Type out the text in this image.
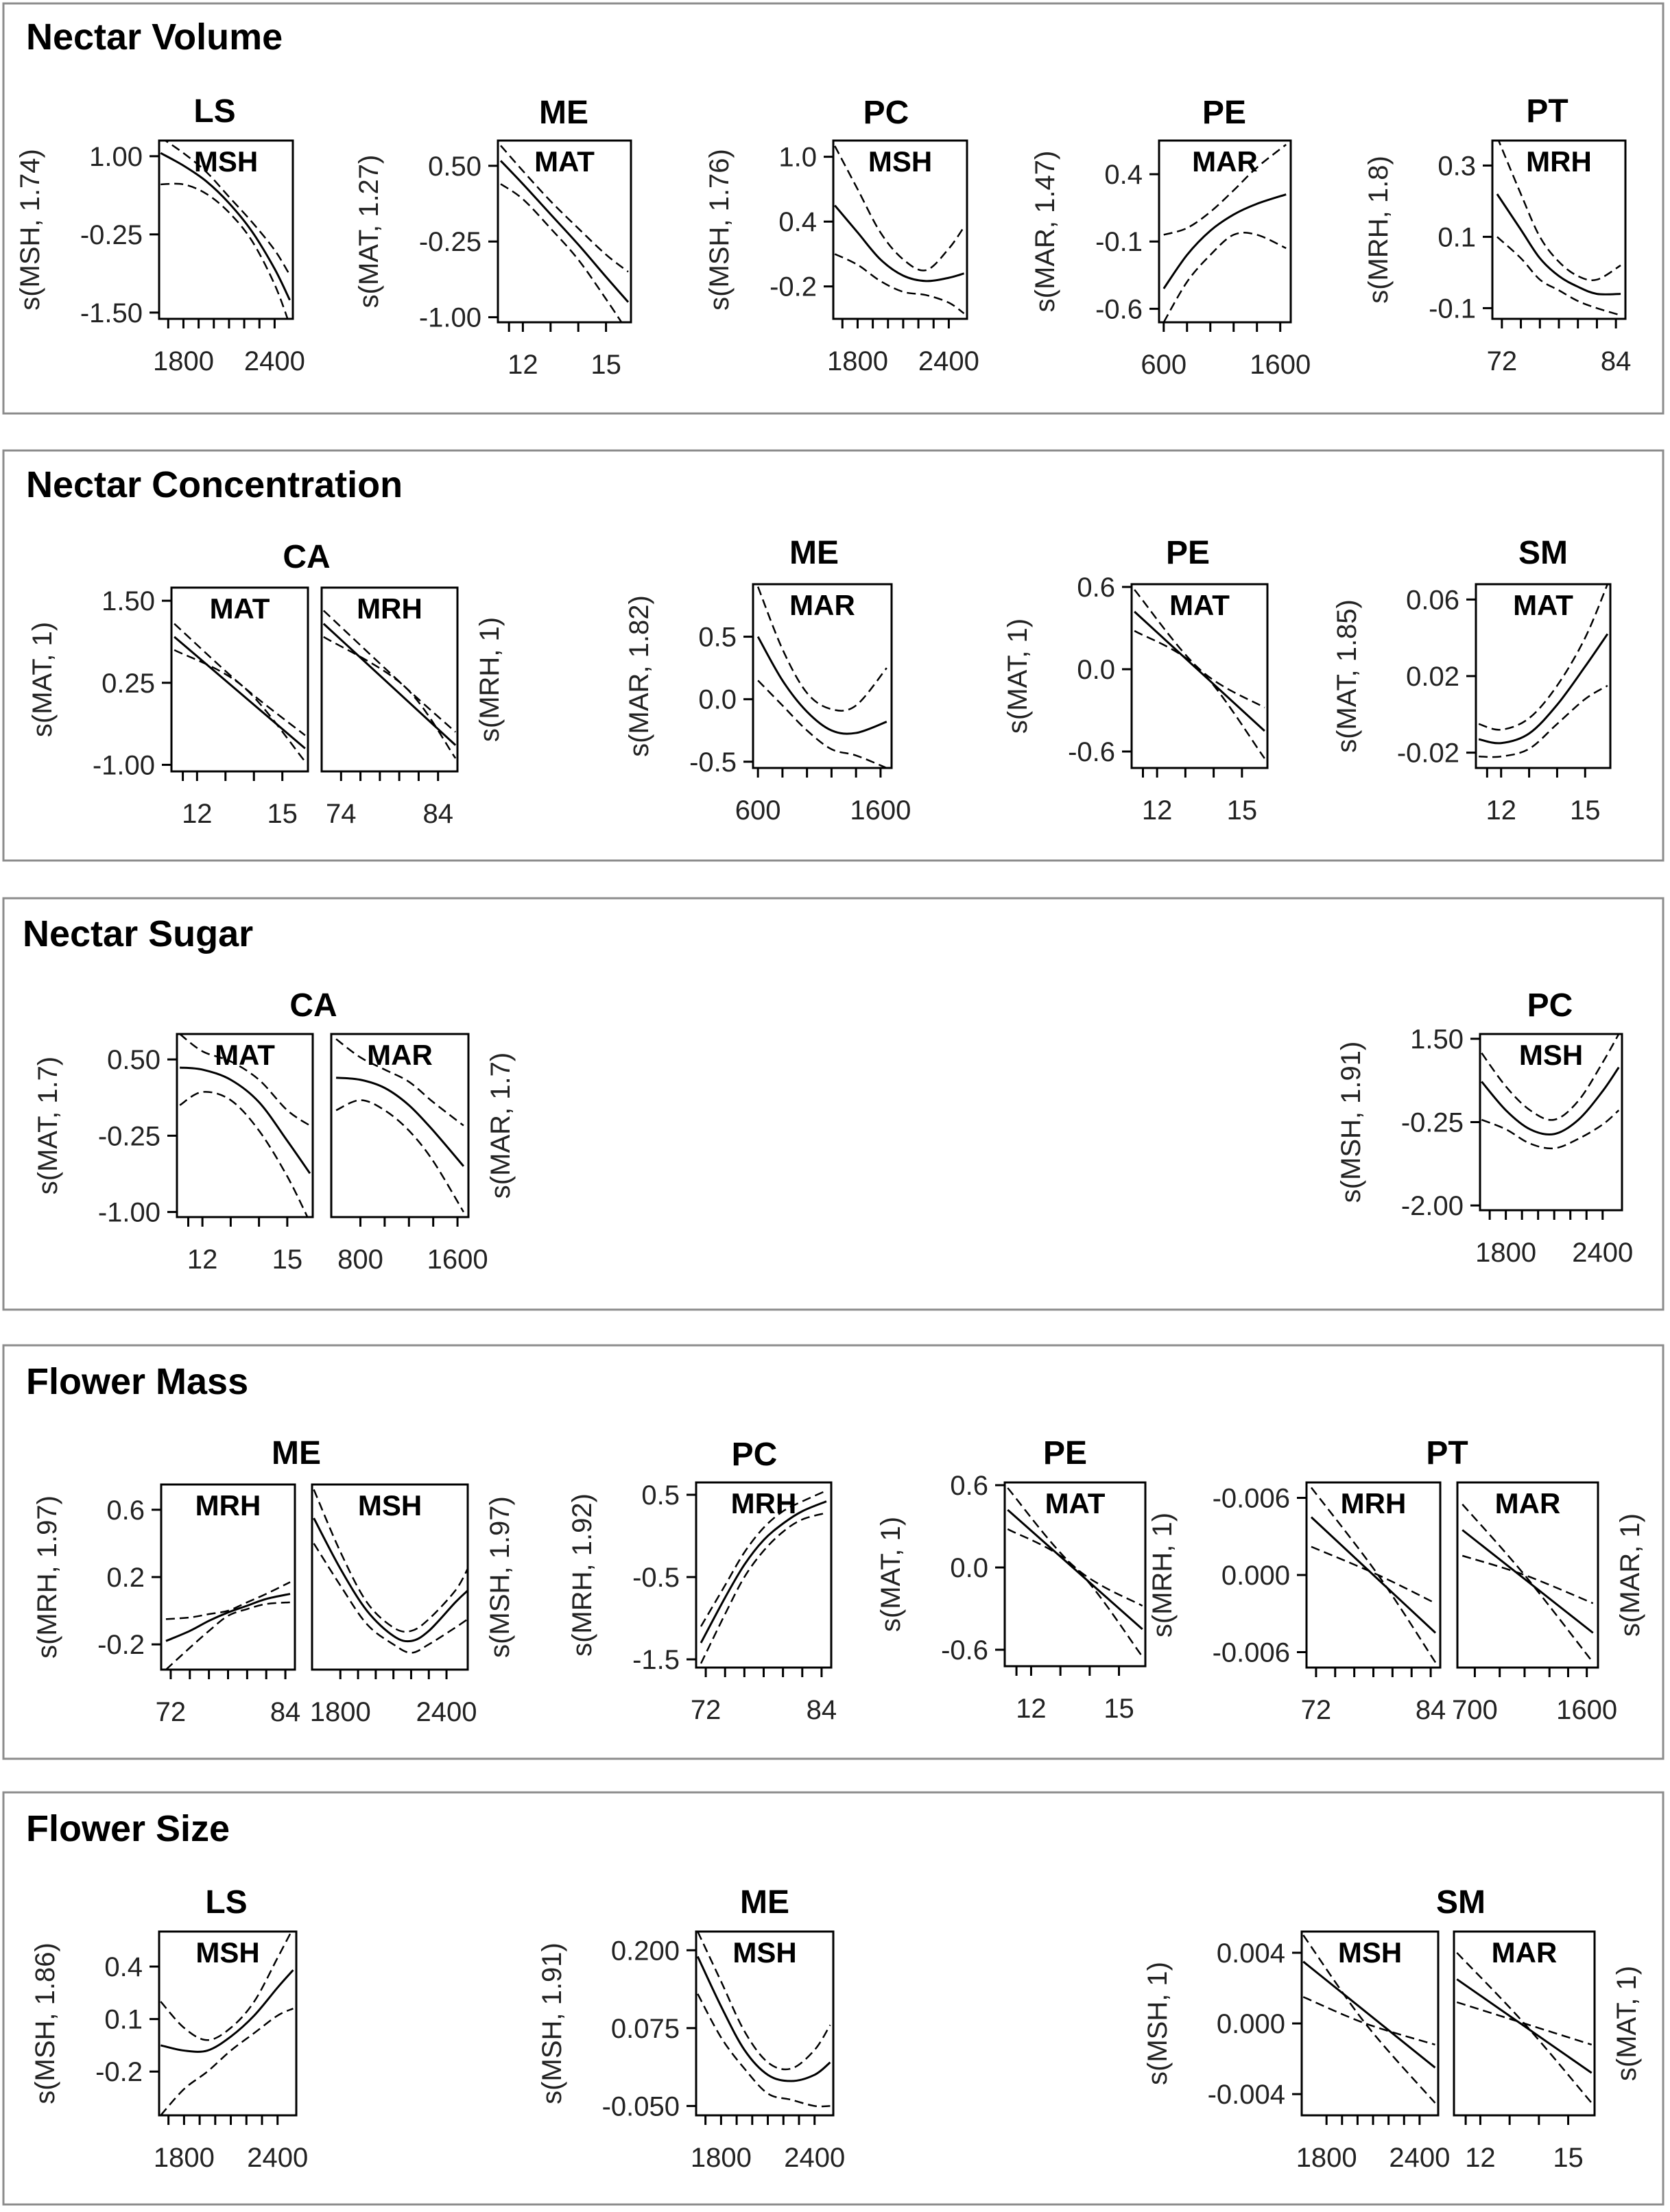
Nectar Volume
LS
MSH
1800 2400
1.00
-0.25
-1.50
s(MSH, 1.74)
ME
MAT
12 15
0.50
-0.25
-1.00
s(MAT, 1.27)
PC
MSH
1800 2400
1.0
0.4
-0.2
s(MSH, 1.76)
PE
MAR
600 1600
0.4
-0.1
-0.6
s(MAR, 1.47)
PT
MRH
72	84
0.3
0.1
-0.1
s(MRH, 1.8)
Nectar Concentration
CA
MAT
12 15
1.50
0.25
-1.00
s(MAT, 1)
MRH
74 84
s(MRH, 1)
ME
MAR
600	1600
0.5
0.0
-0.5
s(MAR, 1.82)
PE
MAT
12 15
0.6
0.0
-0.6
s(MAT, 1)
SM
MAT
12 15
0.06
0.02
-0.02
s(MAT, 1.85)
Nectar Sugar
CA
MAT
12 15
0.50
-0.25
-1.00
s(MAT, 1.7)
MAR
800 1600
s(MAR, 1.7)
PC
MSH
1800 2400
1.50
-0.25
-2.00
s(MSH, 1.91)
Flower Mass
ME
MRH
72	84
0.6
0.2
-0.2
s(MRH, 1.97)	MSH
1800 2400
s(MSH, 1.97)
PC
MRH
72	84
0.5
-0.5
-1.5
s(MRH, 1.92)
PE
MAT
12 15
0.6
0.0
-0.6
s(MAT, 1)
PT
MRH
72	84
-0.006
0.000
-0.006
s(MRH, 1)
MAR
700 1600
s(MAR, 1)
Flower Size
LS
MSH
1800 2400
0.4
0.1
-0.2
s(MSH, 1.86)
ME
MSH
1800 2400
0.200
0.075
-0.050
s(MSH, 1.91)
SM
MSH
1800 2400
0.004
0.000
-0.004
s(MSH, 1)
MAR
12 15
s(MAT, 1)
